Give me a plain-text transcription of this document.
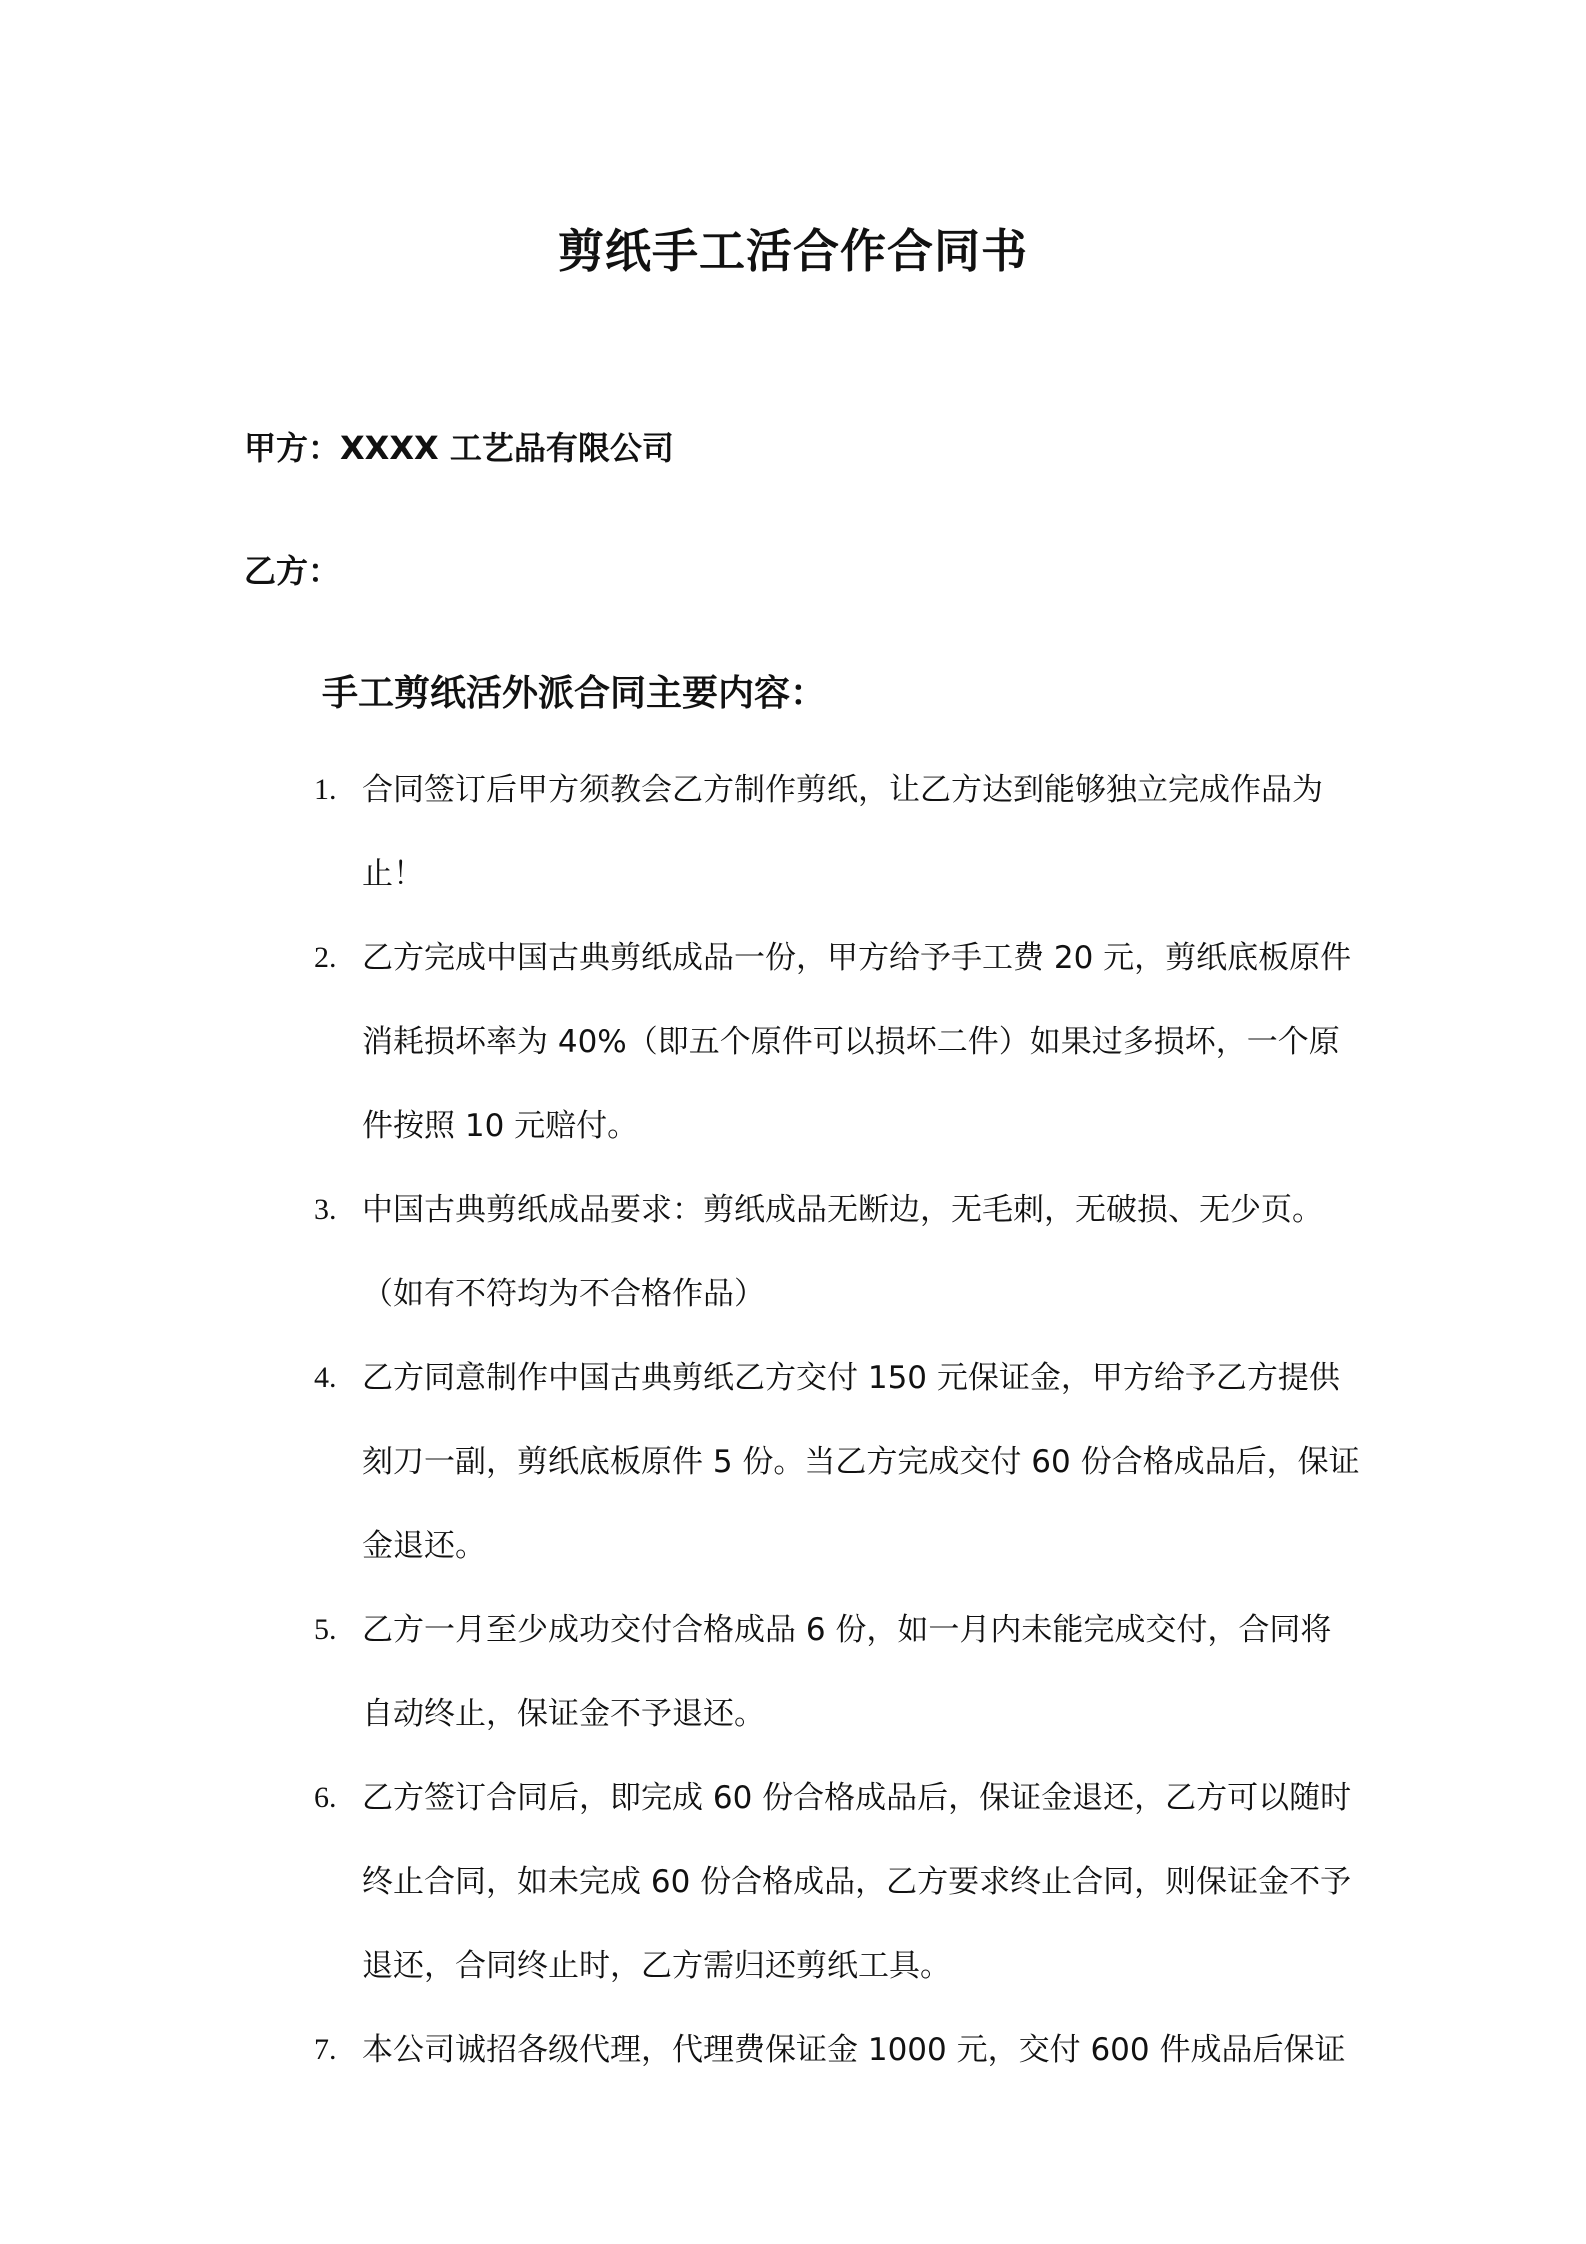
剪纸手工活合作合同书
甲方：XXXX 工艺品有限公司
乙方：
手工剪纸活外派合同主要内容：
1. 合同签订后甲方须教会乙方制作剪纸，让乙方达到能够独立完成作品为止！
2. 乙方完成中国古典剪纸成品一份，甲方给予手工费 20 元，剪纸底板原件消耗损坏率为 40%（即五个原件可以损坏二件）如果过多损坏，一个原件按照 10 元赔付。
3. 中国古典剪纸成品要求：剪纸成品无断边，无毛刺，无破损、无少页。（如有不符均为不合格作品）
4. 乙方同意制作中国古典剪纸乙方交付 150 元保证金，甲方给予乙方提供刻刀一副，剪纸底板原件 5 份。当乙方完成交付 60 份合格成品后，保证金退还。
5. 乙方一月至少成功交付合格成品 6 份，如一月内未能完成交付，合同将自动终止，保证金不予退还。
6. 乙方签订合同后，即完成 60 份合格成品后，保证金退还，乙方可以随时终止合同，如未完成 60 份合格成品，乙方要求终止合同，则保证金不予退还，合同终止时，乙方需归还剪纸工具。
7. 本公司诚招各级代理，代理费保证金 1000 元，交付 600 件成品后保证
